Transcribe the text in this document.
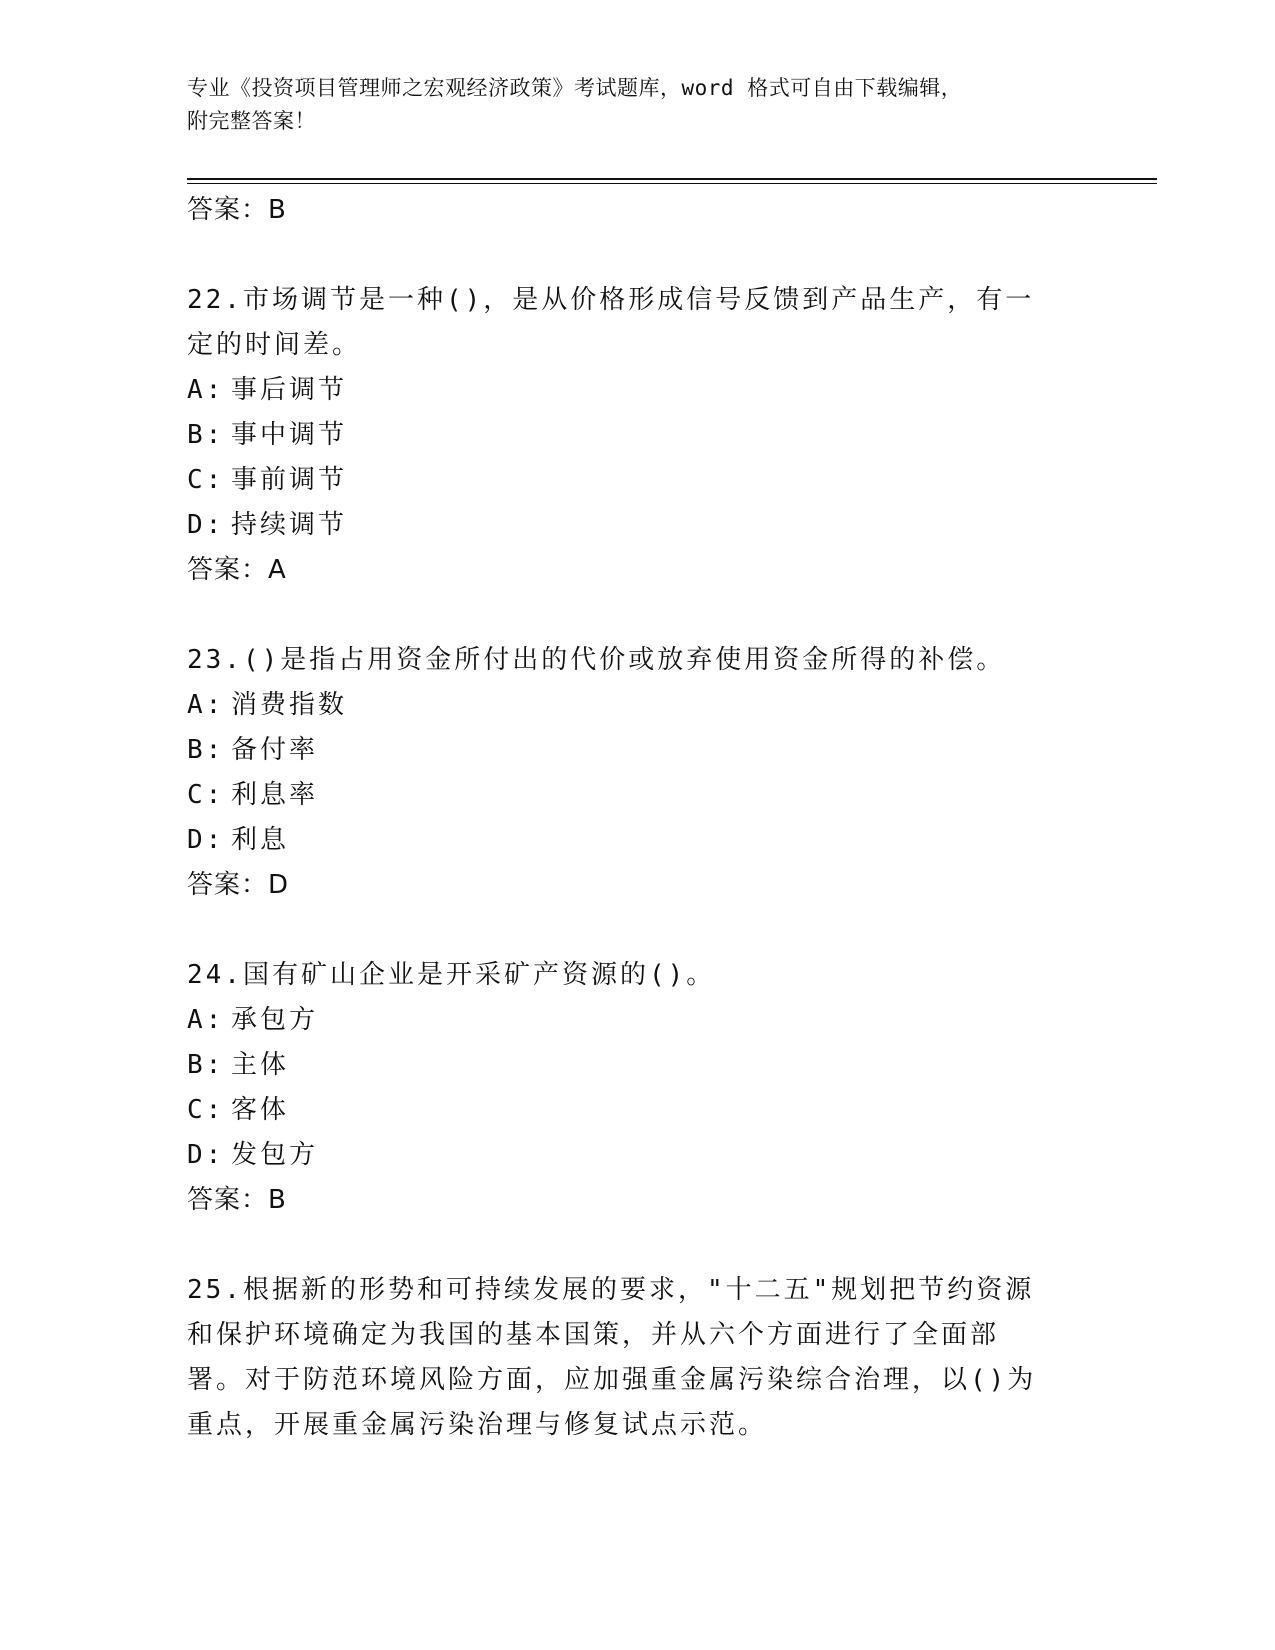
专业《投资项目管理师之宏观经济政策》考试题库，word 格式可自由下载编辑，
附完整答案！
答案：B
22.市场调节是一种()，是从价格形成信号反馈到产品生产，有一定的时间差。
A: 事后调节
B: 事中调节
C: 事前调节
D: 持续调节
答案：A
23.()是指占用资金所付出的代价或放弃使用资金所得的补偿。
A: 消费指数
B: 备付率
C: 利息率
D: 利息
答案：D
24.国有矿山企业是开采矿产资源的()。
A: 承包方
B: 主体
C: 客体
D: 发包方
答案：B
25.根据新的形势和可持续发展的要求，"十二五"规划把节约资源和保护环境确定为我国的基本国策，并从六个方面进行了全面部署。对于防范环境风险方面，应加强重金属污染综合治理，以()为重点，开展重金属污染治理与修复试点示范。
